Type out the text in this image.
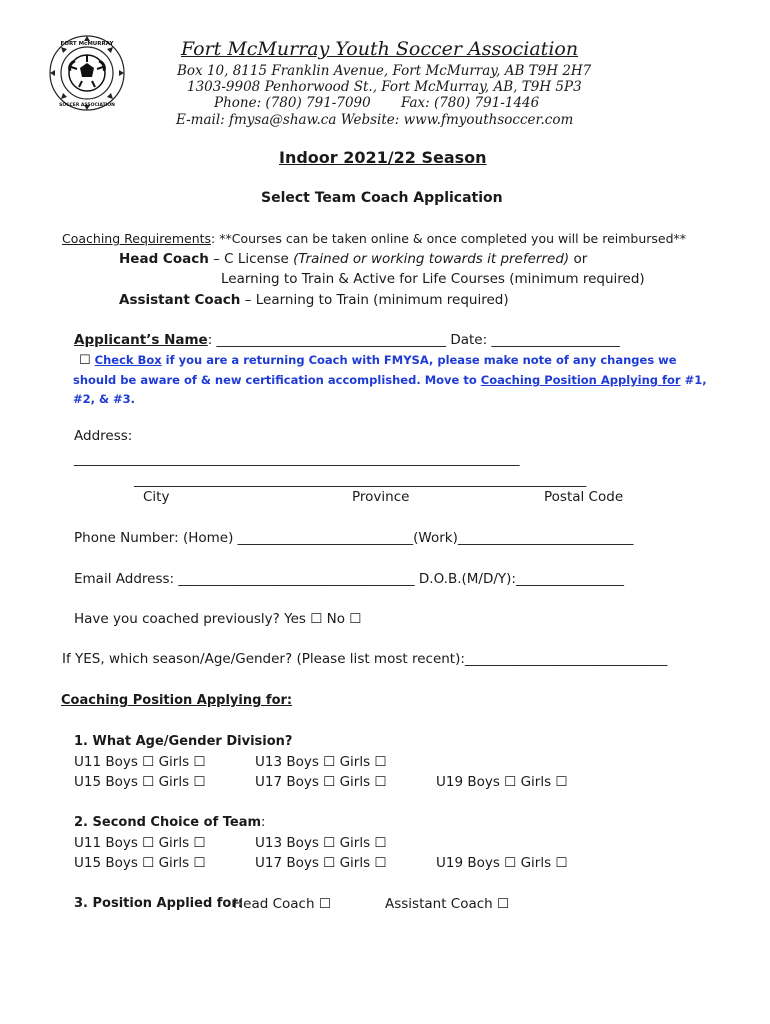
FORT McMURRAY
SOCCER ASSOCIATION
Fort McMurray Youth Soccer Association
Box 10, 8115 Franklin Avenue, Fort McMurray, AB T9H 2H7
1303-9908 Penhorwood St., Fort McMurray, AB, T9H 5P3
Phone: (780) 791-7090 Fax: (780) 791-1446
E-mail: fmysa@shaw.ca Website: www.fmyouthsoccer.com
Indoor 2021/22 Season
Select Team Coach Application
Coaching Requirements: **Courses can be taken online & once completed you will be reimbursed**
Head Coach – C License (Trained or working towards it preferred) or
Learning to Train & Active for Life Courses (minimum required)
Assistant Coach – Learning to Train (minimum required)
Applicant’s Name: __________________________________ Date: ___________________
☐ Check Box if you are a returning Coach with FMYSA, please make note of any changes we
should be aware of & new certification accomplished. Move to Coaching Position Applying for #1,
#2, & #3.
Address:
__________________________________________________________________
___________________________________________________________________
City	Province	Postal Code
Phone Number: (Home) __________________________(Work)__________________________
Email Address: ___________________________________ D.O.B.(M/D/Y):________________
Have you coached previously? Yes ☐ No ☐
If YES, which season/Age/Gender? (Please list most recent):______________________________
Coaching Position Applying for:
1. What Age/Gender Division?
U11 Boys ☐ Girls ☐	U13 Boys ☐ Girls ☐
U15 Boys ☐ Girls ☐	U17 Boys ☐ Girls ☐	U19 Boys ☐ Girls ☐
2. Second Choice of Team:
U11 Boys ☐ Girls ☐	U13 Boys ☐ Girls ☐
U15 Boys ☐ Girls ☐	U17 Boys ☐ Girls ☐	U19 Boys ☐ Girls ☐
3. Position Applied for:
Head Coach ☐	Assistant Coach ☐
